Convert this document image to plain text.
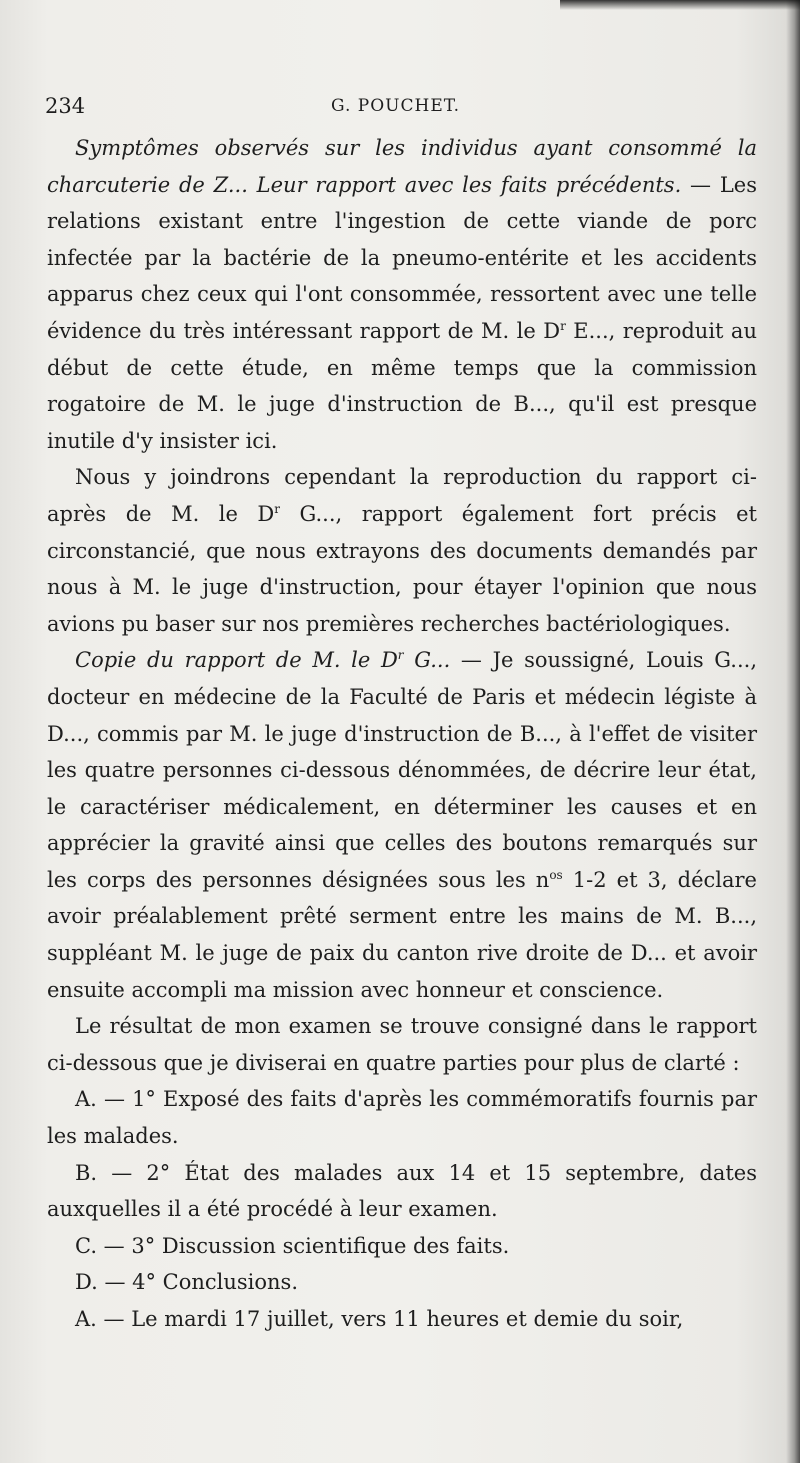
234	G. POUCHET.

Symptômes observés sur les individus ayant consommé la charcuterie de Z... Leur rapport avec les faits précédents. — Les relations existant entre l'ingestion de cette viande de porc infectée par la bactérie de la pneumo-entérite et les accidents apparus chez ceux qui l'ont consommée, ressortent avec une telle évidence du très intéressant rapport de M. le $D^r$ E..., reproduit au début de cette étude, en même temps que la commission rogatoire de M. le juge d'instruction de B..., qu'il est presque inutile d'y insister ici.

Nous y joindrons cependant la reproduction du rapport ci-après de M. le $D^r$ G..., rapport également fort précis et circonstancié, que nous extrayons des documents demandés par nous à M. le juge d'instruction, pour étayer l'opinion que nous avions pu baser sur nos premières recherches bactériologiques.

Copie du rapport de M. le $D^r$ G... — Je soussigné, Louis G..., docteur en médecine de la Faculté de Paris et médecin légiste à D..., commis par M. le juge d'instruction de B..., à l'effet de visiter les quatre personnes ci-dessous dénommées, de décrire leur état, le caractériser médicalement, en déterminer les causes et en apprécier la gravité ainsi que celles des boutons remarqués sur les corps des personnes désignées sous les $n^{os}$ 1-2 et 3, déclare avoir préalablement prêté serment entre les mains de M. B..., suppléant M. le juge de paix du canton rive droite de D... et avoir ensuite accompli ma mission avec honneur et conscience.

Le résultat de mon examen se trouve consigné dans le rapport ci-dessous que je diviserai en quatre parties pour plus de clarté :

A. — 1° Exposé des faits d'après les commémoratifs fournis par les malades.

B. — 2° État des malades aux 14 et 15 septembre, dates auxquelles il a été procédé à leur examen.

C. — 3° Discussion scientifique des faits.

D. — 4° Conclusions.

A. — Le mardi 17 juillet, vers 11 heures et demie du soir,
